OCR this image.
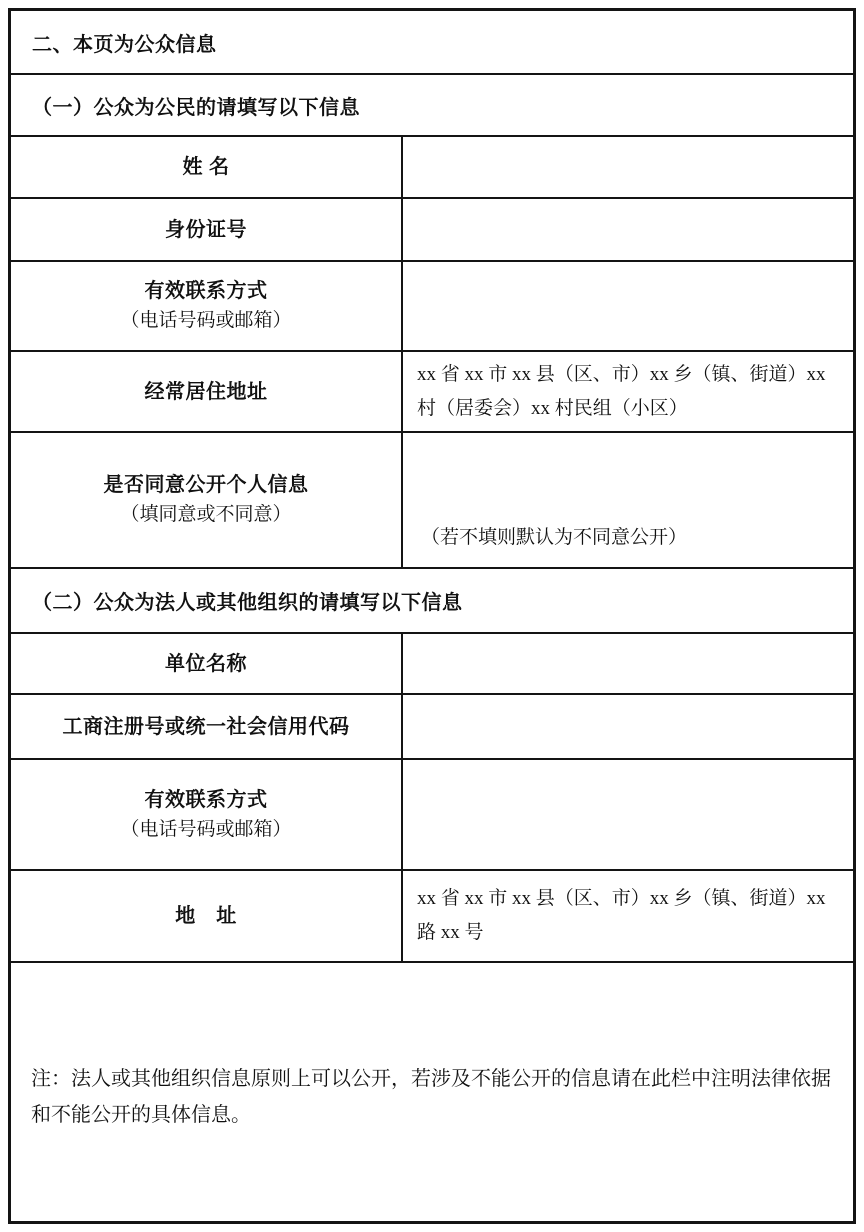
二、本页为公众信息
（一）公众为公民的请填写以下信息
姓 名
身份证号
有效联系方式
（电话号码或邮箱）
经常居住地址
xx 省 xx 市 xx 县（区、市）xx 乡（镇、街道）xx 村（居委会）xx 村民组（小区）
是否同意公开个人信息
（填同意或不同意）
（若不填则默认为不同意公开）
（二）公众为法人或其他组织的请填写以下信息
单位名称
工商注册号或统一社会信用代码
有效联系方式
（电话号码或邮箱）
地　址
xx 省 xx 市 xx 县（区、市）xx 乡（镇、街道）xx 路 xx 号
注：法人或其他组织信息原则上可以公开，若涉及不能公开的信息请在此栏中注明法律依据和不能公开的具体信息。
